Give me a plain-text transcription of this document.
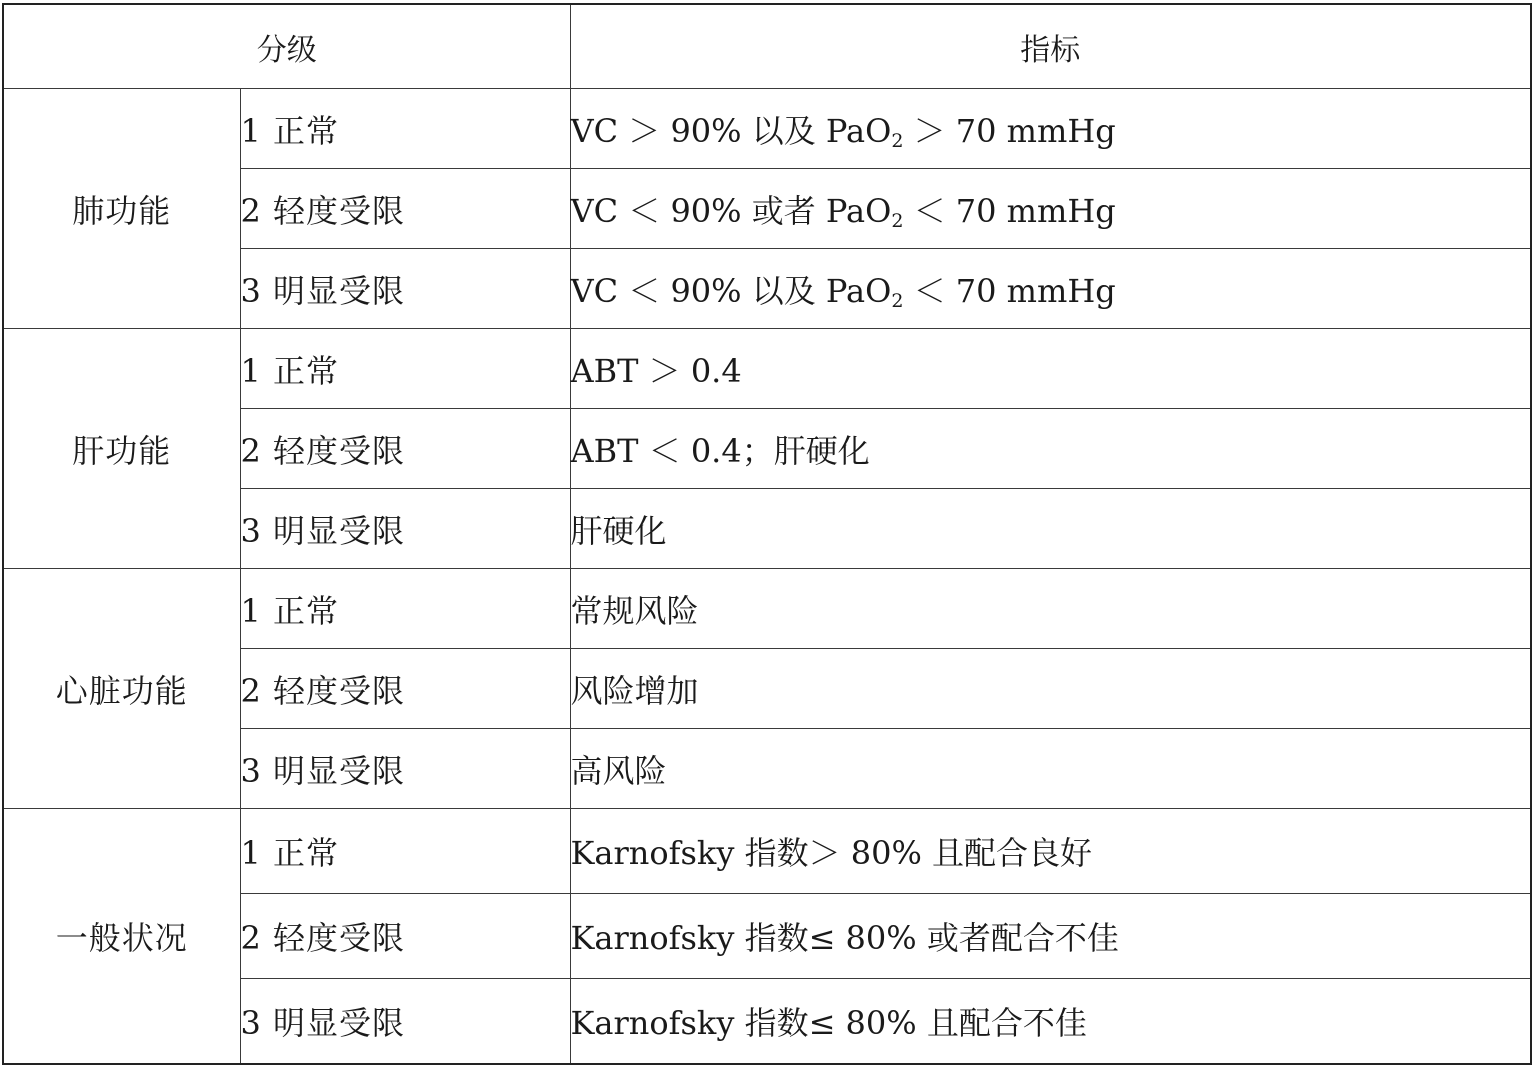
分级		指标
肺功能	1 正常	VC ＞ 90% 以及 PaO$_2$ ＞ 70 mmHg
	2 轻度受限	VC ＜ 90% 或者 PaO$_2$ ＜ 70 mmHg
	3 明显受限	VC ＜ 90% 以及 PaO$_2$ ＜ 70 mmHg
肝功能	1 正常	ABT ＞ 0.4
	2 轻度受限	ABT ＜ 0.4；肝硬化
	3 明显受限	肝硬化
心脏功能	1 正常	常规风险
	2 轻度受限	风险增加
	3 明显受限	高风险
一般状况	1 正常	Karnofsky 指数＞ 80% 且配合良好
	2 轻度受限	Karnofsky 指数≤ 80% 或者配合不佳
	3 明显受限	Karnofsky 指数≤ 80% 且配合不佳
